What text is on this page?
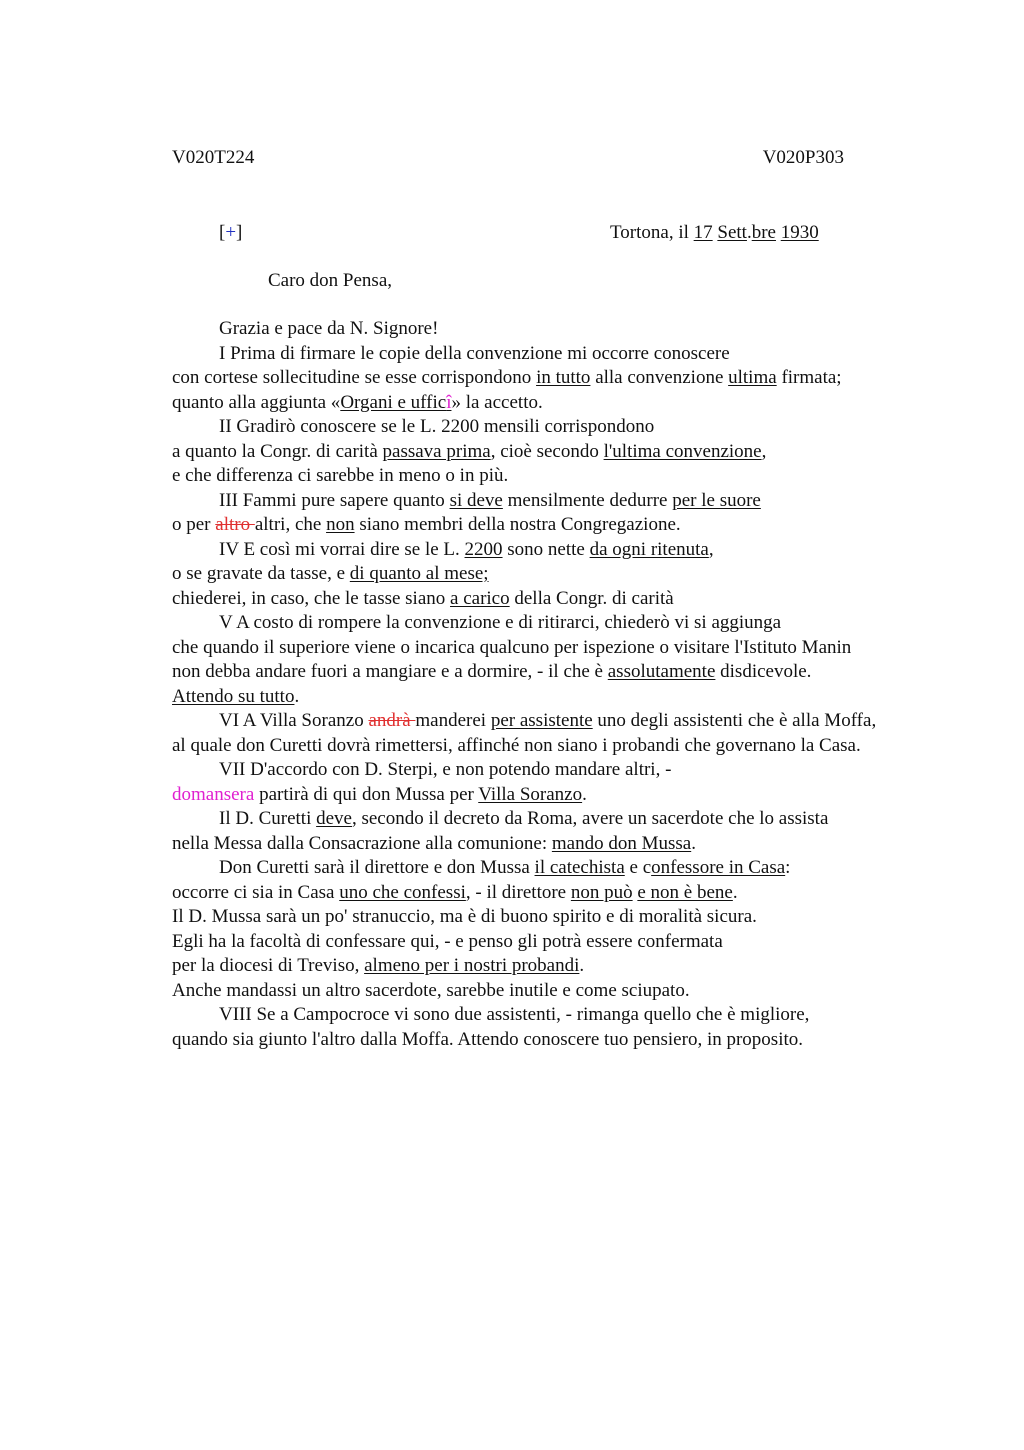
V020T224	V020P303
[+]	Tortona, il 17 Sett.bre 1930
Caro don Pensa,

Grazia e pace da N. Signore!

I Prima di firmare le copie della convenzione mi occorre conoscere

con cortese sollecitudine se esse corrispondono in tutto alla convenzione ultima firmata;

quanto alla aggiunta «Organi e ufficî» la accetto.

II Gradirò conoscere se le L. 2200 mensili corrispondono

a quanto la Congr. di carità passava prima, cioè secondo l'ultima convenzione,

e che differenza ci sarebbe in meno o in più.

III Fammi pure sapere quanto si deve mensilmente dedurre per le suore

o per altro altri, che non siano membri della nostra Congregazione.

IV E così mi vorrai dire se le L. 2200 sono nette da ogni ritenuta,

o se gravate da tasse, e di quanto al mese;

chiederei, in caso, che le tasse siano a carico della Congr. di carità

V A costo di rompere la convenzione e di ritirarci, chiederò vi si aggiunga

che quando il superiore viene o incarica qualcuno per ispezione o visitare l'Istituto Manin

non debba andare fuori a mangiare e a dormire, - il che è assolutamente disdicevole.

Attendo su tutto.

VI A Villa Soranzo andrà manderei per assistente uno degli assistenti che è alla Moffa,

al quale don Curetti dovrà rimettersi, affinché non siano i probandi che governano la Casa.

VII D'accordo con D. Sterpi, e non potendo mandare altri, -

domansera partirà di qui don Mussa per Villa Soranzo.

Il D. Curetti deve, secondo il decreto da Roma, avere un sacerdote che lo assista

nella Messa dalla Consacrazione alla comunione: mando don Mussa.

Don Curetti sarà il direttore e don Mussa il catechista e confessore in Casa:

occorre ci sia in Casa uno che confessi, - il direttore non può e non è bene.

Il D. Mussa sarà un po' stranuccio, ma è di buono spirito e di moralità sicura.

Egli ha la facoltà di confessare qui, - e penso gli potrà essere confermata

per la diocesi di Treviso, almeno per i nostri probandi.

Anche mandassi un altro sacerdote, sarebbe inutile e come sciupato.

VIII Se a Campocroce vi sono due assistenti, - rimanga quello che è migliore,

quando sia giunto l'altro dalla Moffa. Attendo conoscere tuo pensiero, in proposito.
